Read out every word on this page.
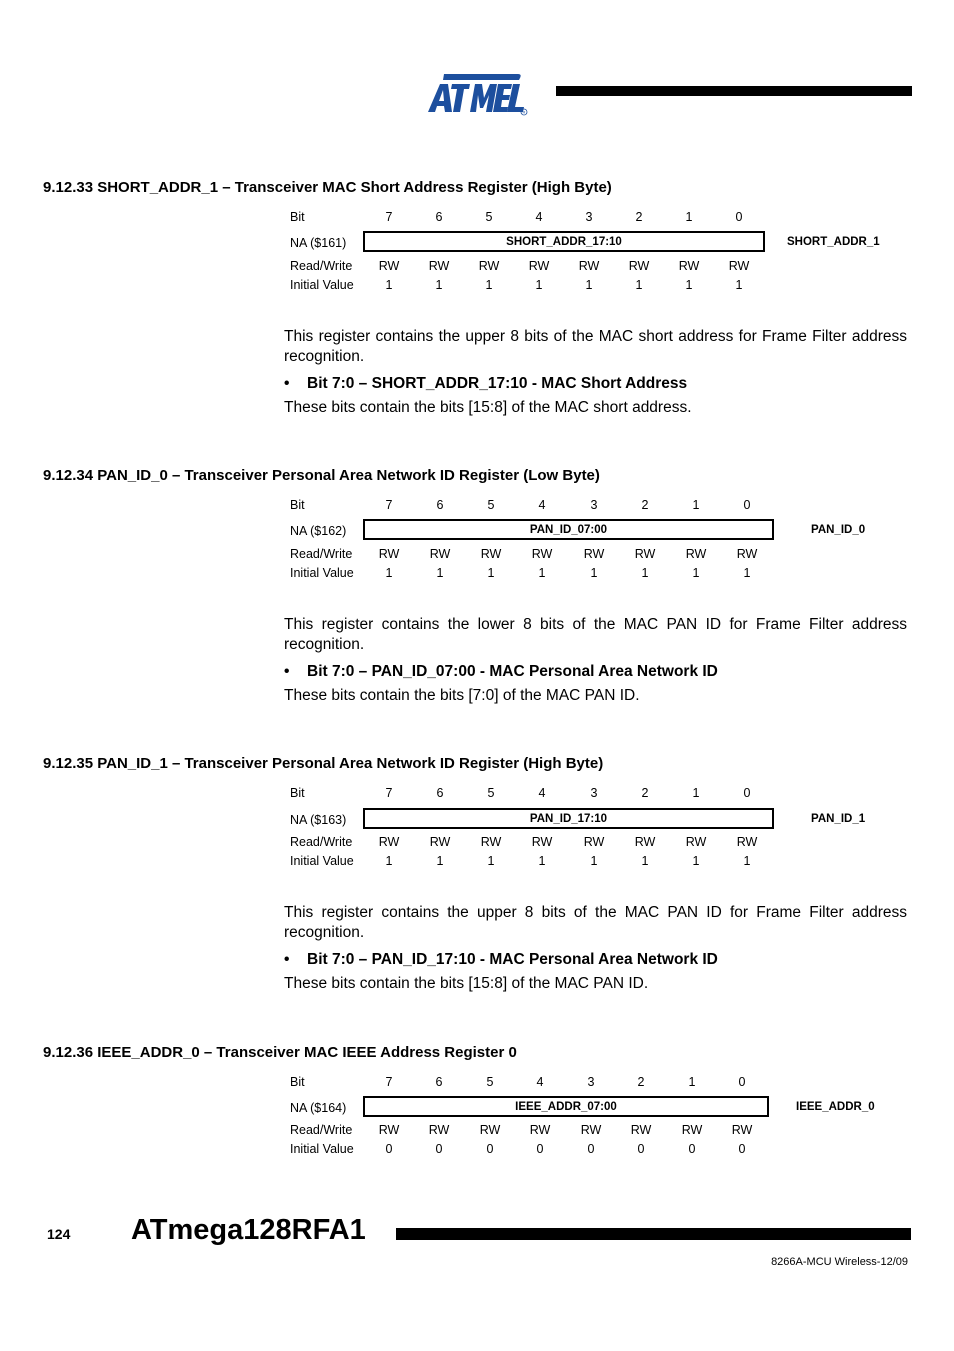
R
9.12.33 SHORT_ADDR_1 – Transceiver MAC Short Address Register (High Byte)
Bit	7	6	5	4	3	2	1	0
NA ($161)	SHORT_ADDR_17:10	SHORT_ADDR_1
Read/Write	RW	RW	RW	RW	RW	RW	RW	RW
Initial Value	1	1	1	1	1	1	1	1
This register contains the upper 8 bits of the MAC short address for Frame Filter address recognition.
• Bit 7:0 – SHORT_ADDR_17:10 - MAC Short Address
These bits contain the bits [15:8] of the MAC short address.
9.12.34 PAN_ID_0 – Transceiver Personal Area Network ID Register (Low Byte)
Bit	7	6	5	4	3	2	1	0
NA ($162)	PAN_ID_07:00	PAN_ID_0
Read/Write	RW	RW	RW	RW	RW	RW	RW	RW
Initial Value	1	1	1	1	1	1	1	1
This register contains the lower 8 bits of the MAC PAN ID for Frame Filter address recognition.
• Bit 7:0 – PAN_ID_07:00 - MAC Personal Area Network ID
These bits contain the bits [7:0] of the MAC PAN ID.
9.12.35 PAN_ID_1 – Transceiver Personal Area Network ID Register (High Byte)
Bit	7	6	5	4	3	2	1	0
NA ($163)	PAN_ID_17:10	PAN_ID_1
Read/Write	RW	RW	RW	RW	RW	RW	RW	RW
Initial Value	1	1	1	1	1	1	1	1
This register contains the upper 8 bits of the MAC PAN ID for Frame Filter address recognition.
• Bit 7:0 – PAN_ID_17:10 - MAC Personal Area Network ID
These bits contain the bits [15:8] of the MAC PAN ID.
9.12.36 IEEE_ADDR_0 – Transceiver MAC IEEE Address Register 0
Bit	7	6	5	4	3	2	1	0
NA ($164)	IEEE_ADDR_07:00	IEEE_ADDR_0
Read/Write	RW	RW	RW	RW	RW	RW	RW	RW
Initial Value	0	0	0	0	0	0	0	0
124 ATmega128RFA1
8266A-MCU Wireless-12/09
